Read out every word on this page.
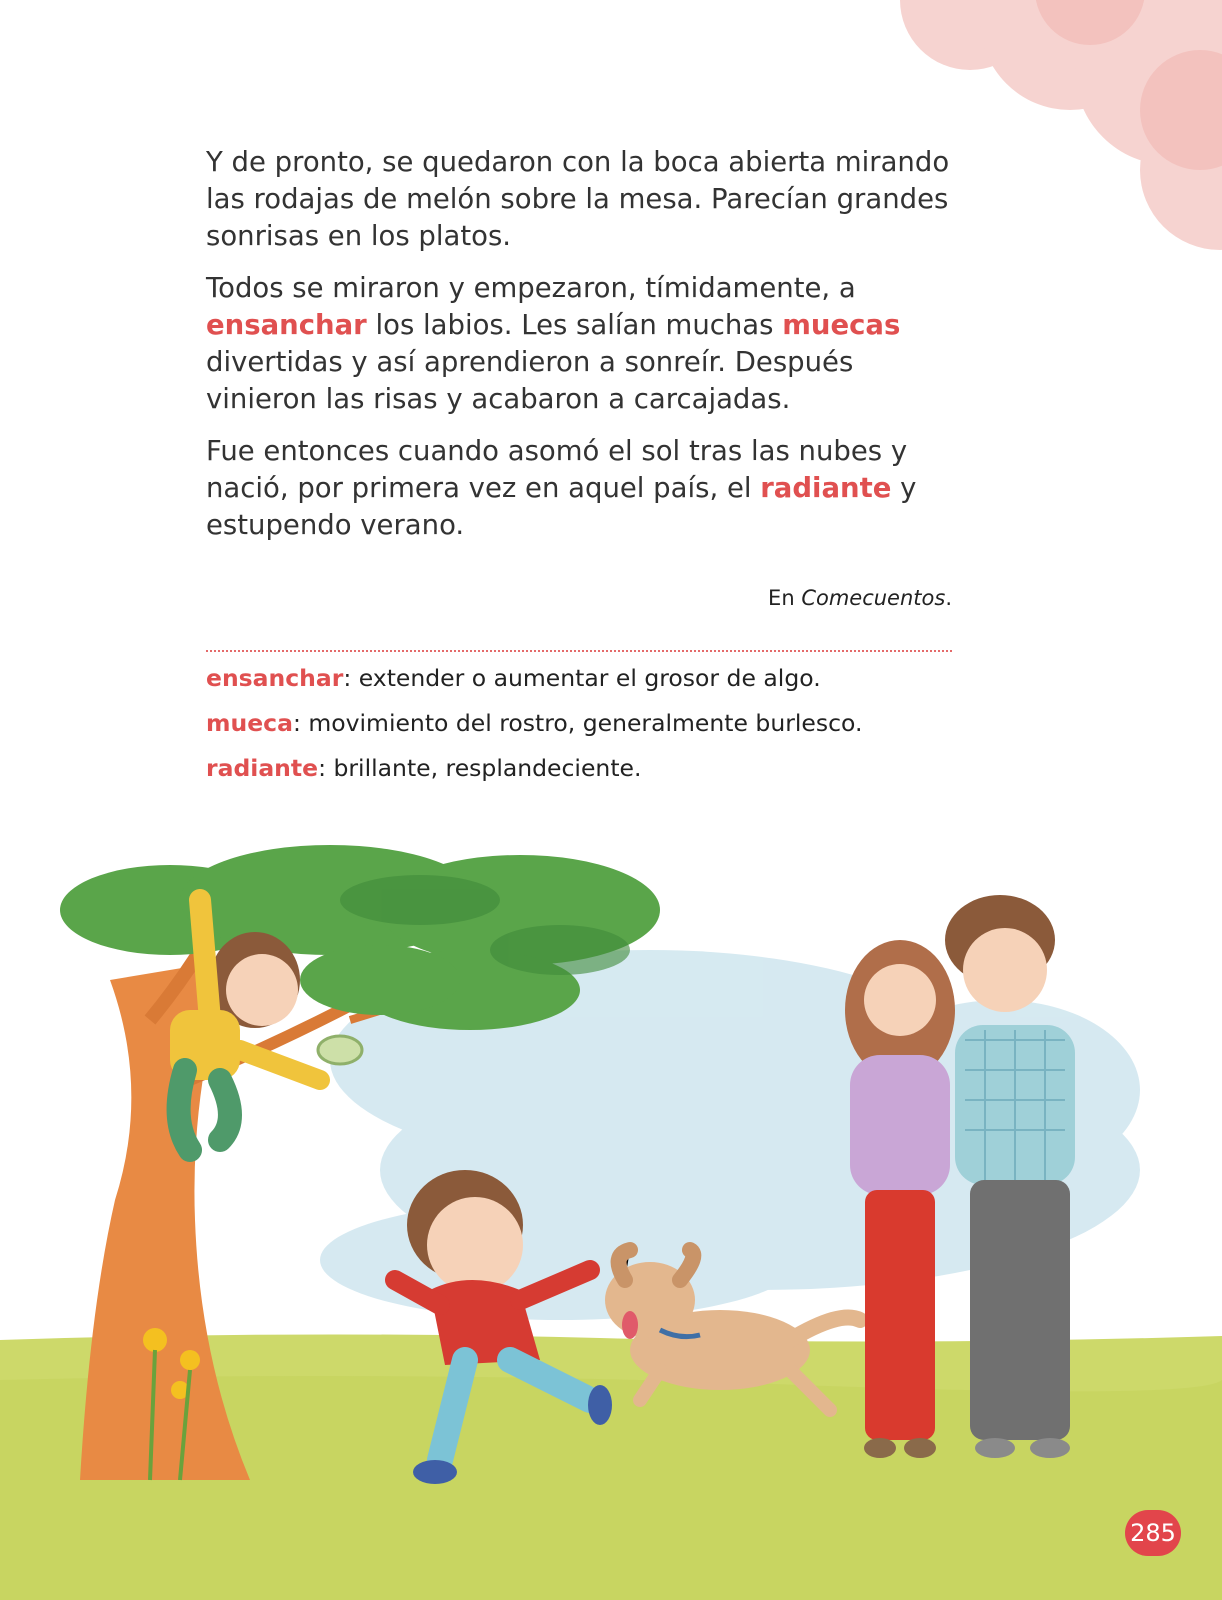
Y de pronto, se quedaron con la boca abierta mirando las rodajas de melón sobre la mesa. Parecían grandes sonrisas en los platos.

Todos se miraron y empezaron, tímidamente, a ensanchar los labios. Les salían muchas muecas divertidas y así aprendieron a sonreír. Después vinieron las risas y acabaron a carcajadas.

Fue entonces cuando asomó el sol tras las nubes y nació, por primera vez en aquel país, el radiante y estupendo verano.

En Comecuentos.
ensanchar: extender o aumentar el grosor de algo.
mueca: movimiento del rostro, generalmente burlesco.
radiante: brillante, resplandeciente.
285
